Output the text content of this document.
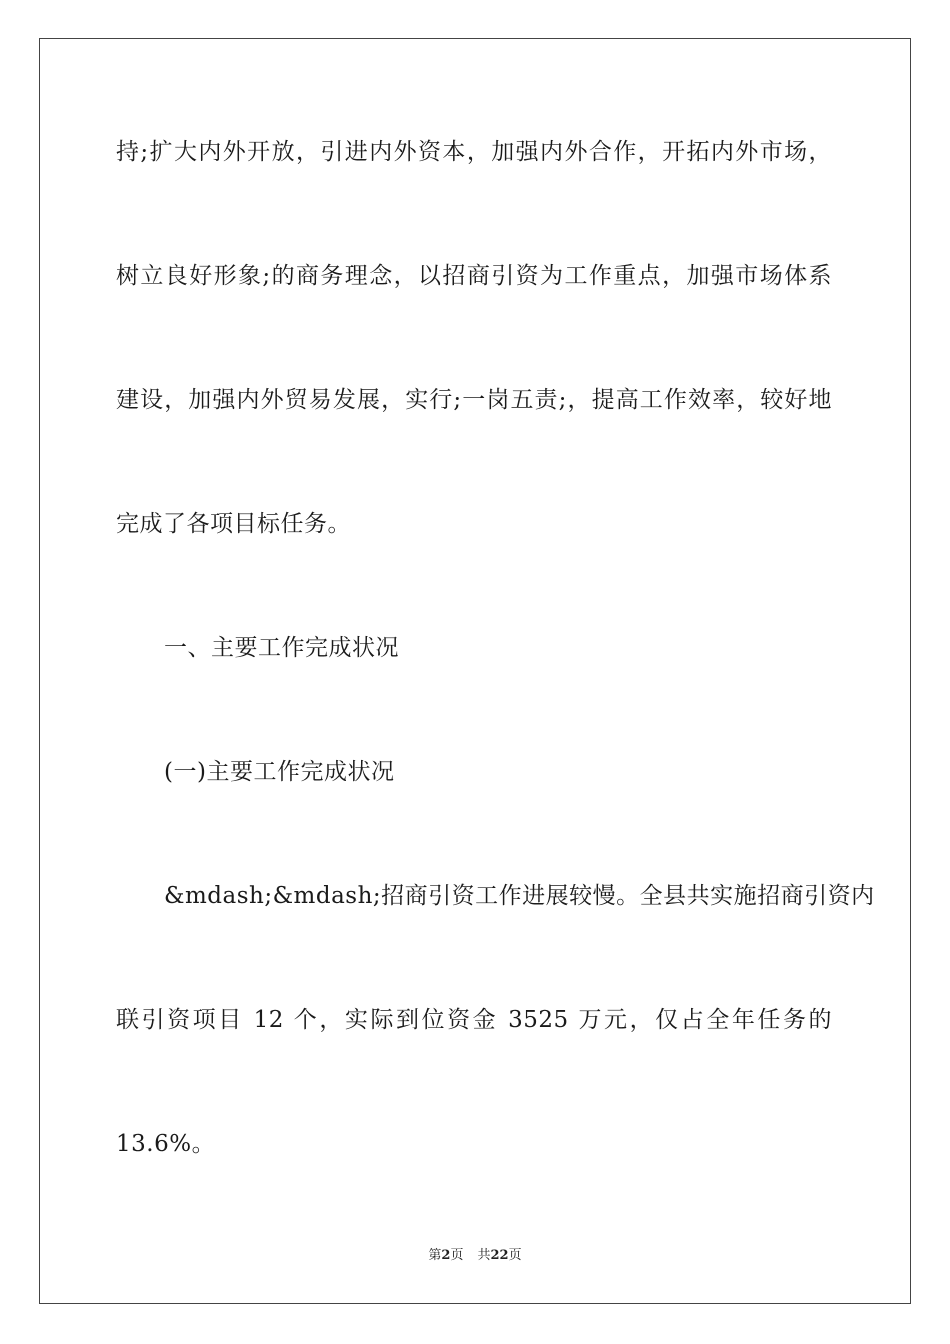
持;扩大内外开放，引进内外资本，加强内外合作，开拓内外市场，
树立良好形象;的商务理念，以招商引资为工作重点，加强市场体系
建设，加强内外贸易发展，实行;一岗五责;，提高工作效率，较好地
完成了各项目标任务。
一、主要工作完成状况
(一)主要工作完成状况
&mdash;&mdash;招商引资工作进展较慢。全县共实施招商引资内
联引资项目 12 个，实际到位资金 3525 万元，仅占全年任务的
13.6%。
第2页 共22页
